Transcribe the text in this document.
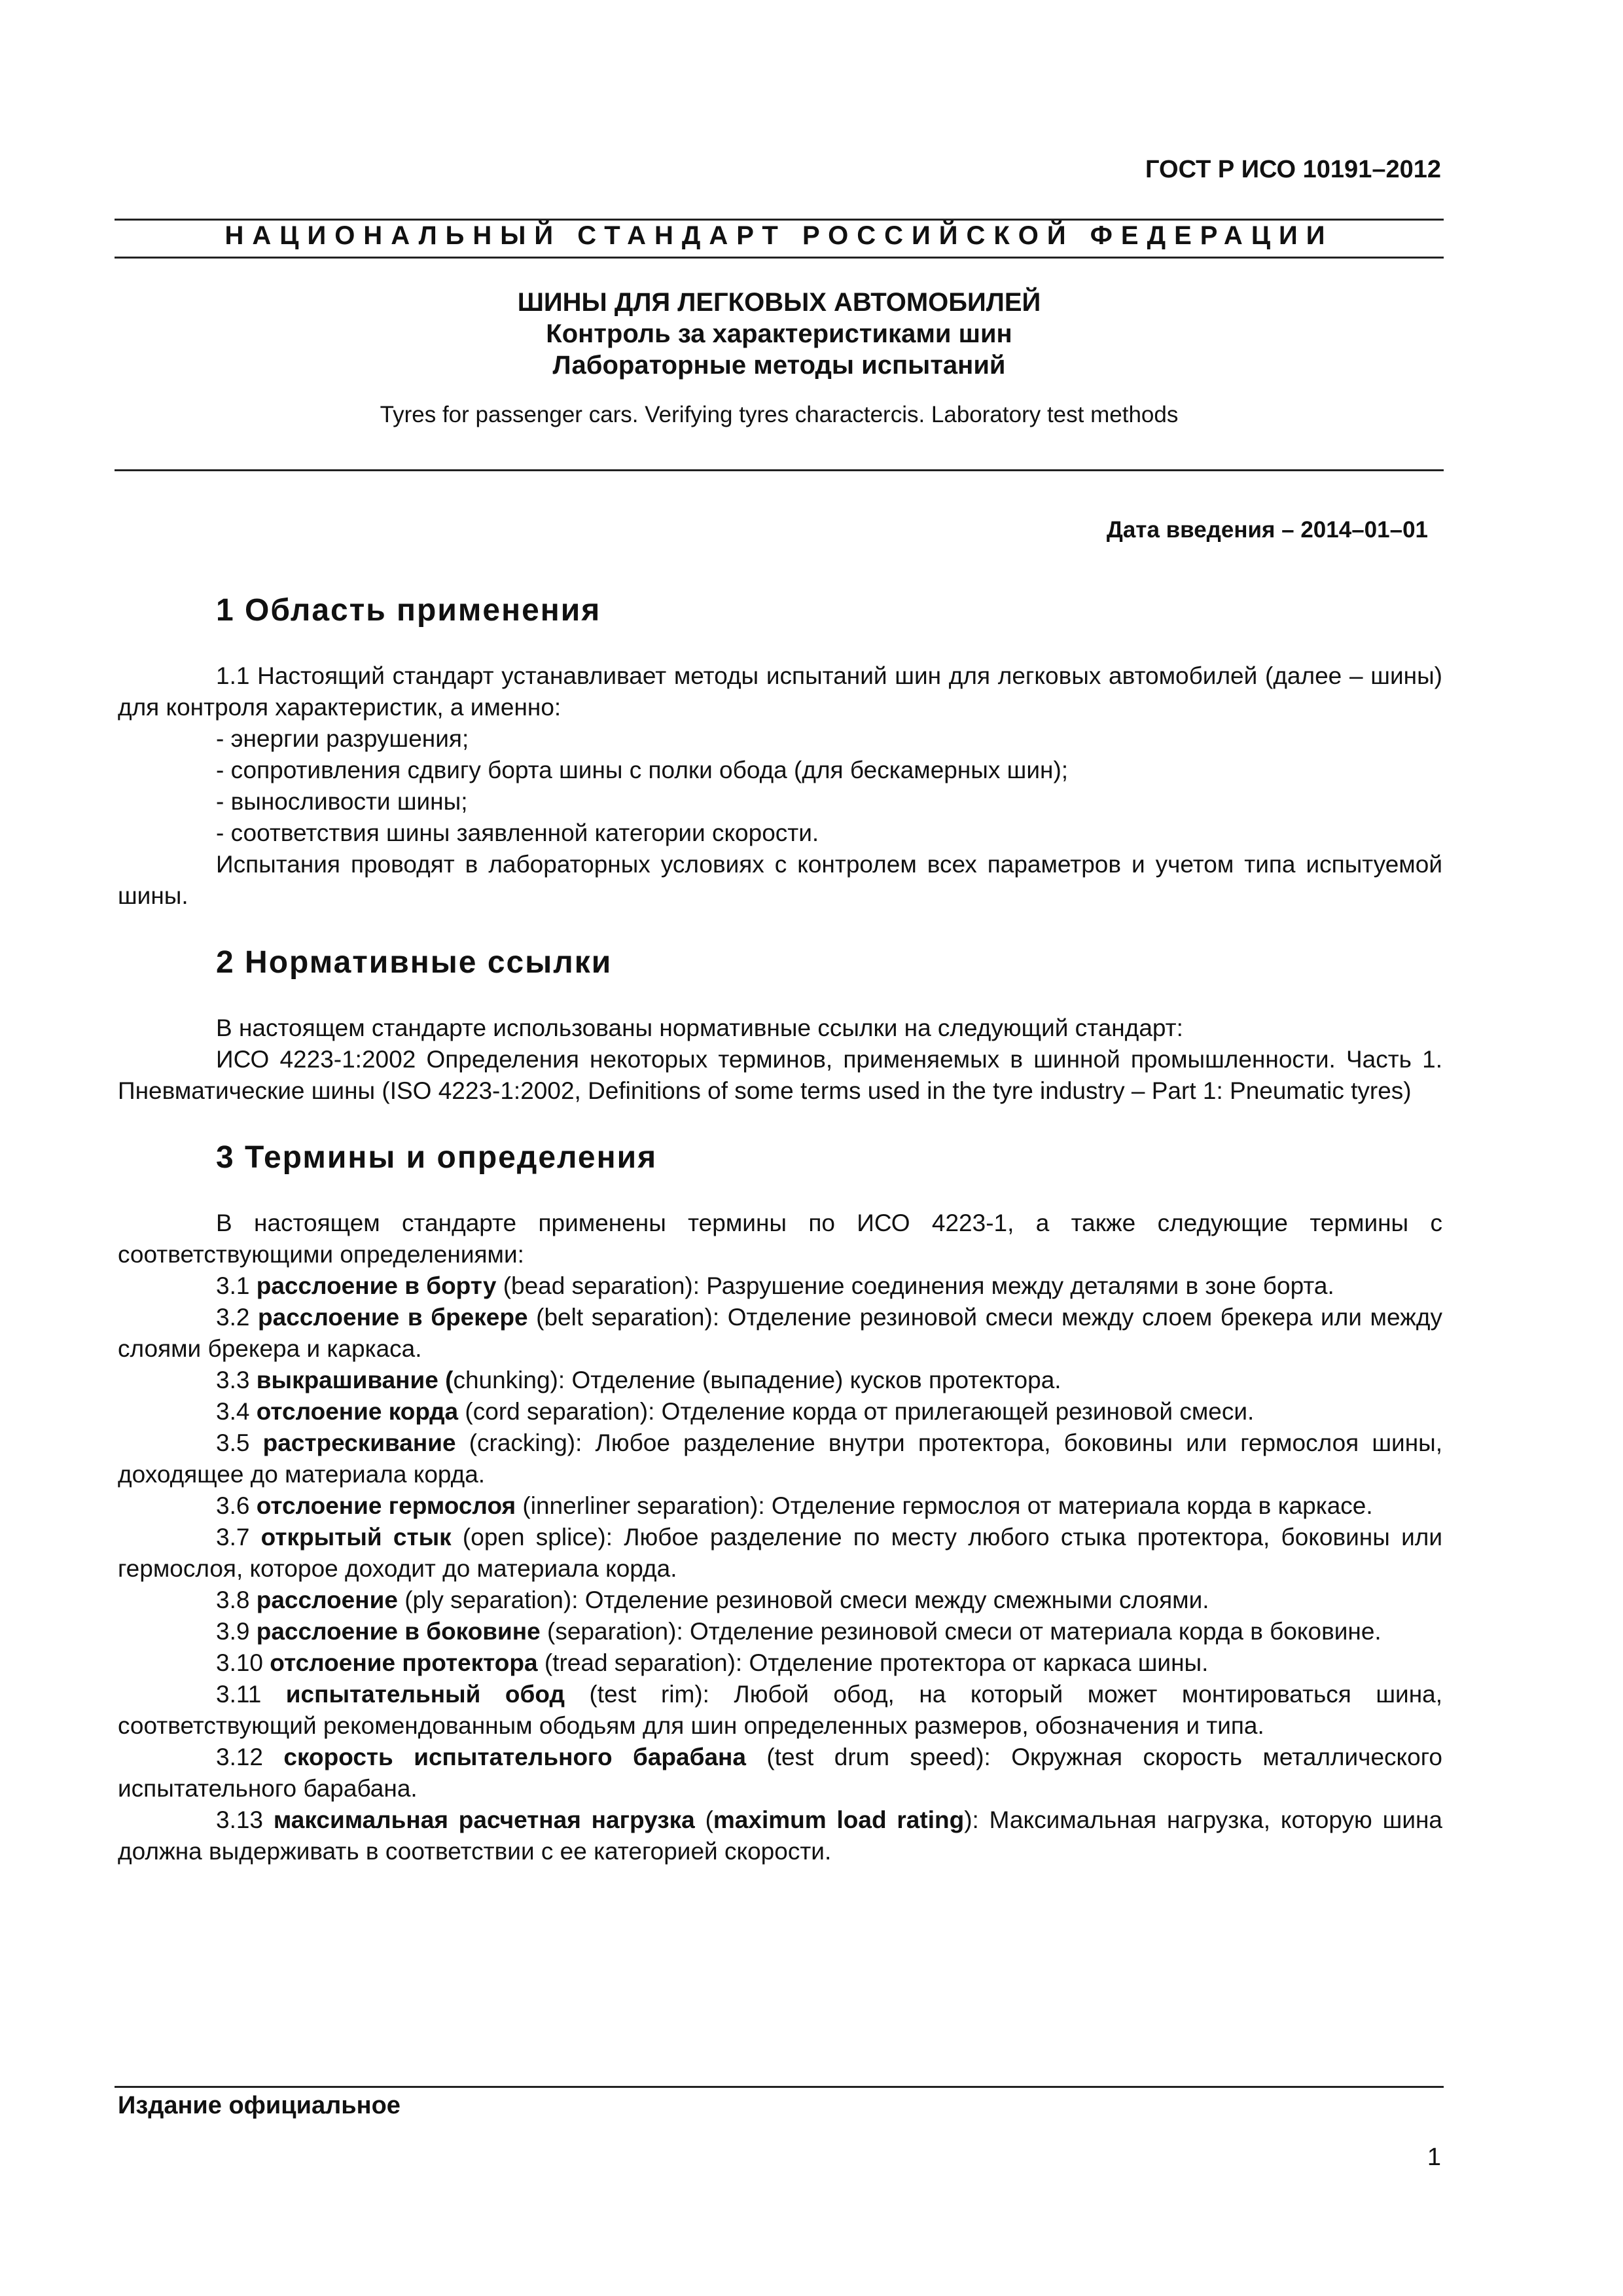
ГОСТ Р ИСО 10191–2012
НАЦИОНАЛЬНЫЙ СТАНДАРТ РОССИЙСКОЙ ФЕДЕРАЦИИ
ШИНЫ ДЛЯ ЛЕГКОВЫХ АВТОМОБИЛЕЙ
Контроль за характеристиками шин
Лабораторные методы испытаний
Tyres for passenger cars. Verifying tyres charactercis. Laboratory test methods
Дата введения – 2014–01–01
1 Область применения

1.1 Настоящий стандарт устанавливает методы испытаний шин для легковых автомобилей (далее – шины) для контроля характеристик, а именно:

- энергии разрушения;
- сопротивления сдвигу борта шины с полки обода (для бескамерных шин);
- выносливости шины;
- соответствия шины заявленной категории скорости.

Испытания проводят в лабораторных условиях с контролем всех параметров и учетом типа испытуемой шины.

2 Нормативные ссылки

В настоящем стандарте использованы нормативные ссылки на следующий стандарт:

ИСО 4223-1:2002 Определения некоторых терминов, применяемых в шинной промышленности. Часть 1. Пневматические шины (ISO 4223-1:2002, Definitions of some terms used in the tyre industry – Part 1: Pneumatic tyres)

3 Термины и определения

В настоящем стандарте применены термины по ИСО 4223-1, а также следующие термины с соответствующими определениями:

3.1 расслоение в борту (bead separation): Разрушение соединения между деталями в зоне борта.

3.2 расслоение в брекере (belt separation): Отделение резиновой смеси между слоем брекера или между слоями брекера и каркаса.

3.3 выкрашивание (chunking): Отделение (выпадение) кусков протектора.

3.4 отслоение корда (cord separation): Отделение корда от прилегающей резиновой смеси.

3.5 растрескивание (cracking): Любое разделение внутри протектора, боковины или гермослоя шины, доходящее до материала корда.

3.6 отслоение гермослоя (innerliner separation): Отделение гермослоя от материала корда в каркасе.

3.7 открытый стык (open splice): Любое разделение по месту любого стыка протектора, боковины или гермослоя, которое доходит до материала корда.

3.8 расслоение (ply separation): Отделение резиновой смеси между смежными слоями.

3.9 расслоение в боковине (separation): Отделение резиновой смеси от материала корда в боковине.

3.10 отслоение протектора (tread separation): Отделение протектора от каркаса шины.

3.11 испытательный обод (test rim): Любой обод, на который может монтироваться шина, соответствующий рекомендованным ободьям для шин определенных размеров, обозначения и типа.

3.12 скорость испытательного барабана (test drum speed): Окружная скорость металлического испытательного барабана.

3.13 максимальная расчетная нагрузка (maximum load rating): Максимальная нагрузка, которую шина должна выдерживать в соответствии с ее категорией скорости.

Издание официальное
1
